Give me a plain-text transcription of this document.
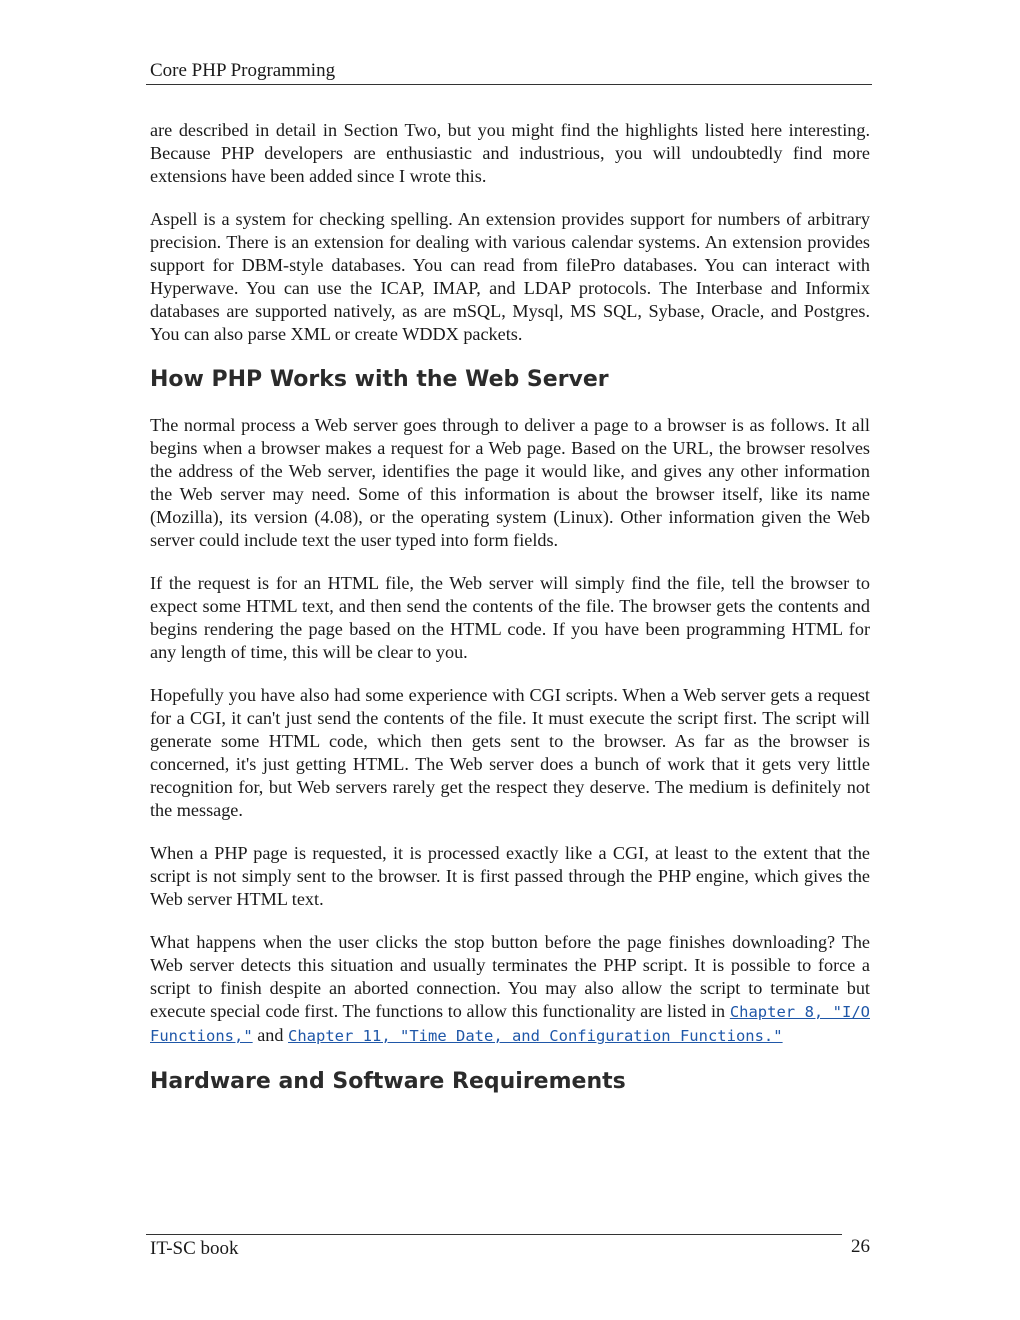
Core PHP Programming

are described in detail in Section Two, but you might find the highlights listed here interesting. Because PHP developers are enthusiastic and industrious, you will undoubtedly find more extensions have been added since I wrote this.

Aspell is a system for checking spelling. An extension provides support for numbers of arbitrary precision. There is an extension for dealing with various calendar systems. An extension provides support for DBM-style databases. You can read from filePro databases. You can interact with Hyperwave. You can use the ICAP, IMAP, and LDAP protocols. The Interbase and Informix databases are supported natively, as are mSQL, Mysql, MS SQL, Sybase, Oracle, and Postgres. You can also parse XML or create WDDX packets.

How PHP Works with the Web Server

The normal process a Web server goes through to deliver a page to a browser is as follows. It all begins when a browser makes a request for a Web page. Based on the URL, the browser resolves the address of the Web server, identifies the page it would like, and gives any other information the Web server may need. Some of this information is about the browser itself, like its name (Mozilla), its version (4.08), or the operating system (Linux). Other information given the Web server could include text the user typed into form fields.

If the request is for an HTML file, the Web server will simply find the file, tell the browser to expect some HTML text, and then send the contents of the file. The browser gets the contents and begins rendering the page based on the HTML code. If you have been programming HTML for any length of time, this will be clear to you.

Hopefully you have also had some experience with CGI scripts. When a Web server gets a request for a CGI, it can't just send the contents of the file. It must execute the script first. The script will generate some HTML code, which then gets sent to the browser. As far as the browser is concerned, it's just getting HTML. The Web server does a bunch of work that it gets very little recognition for, but Web servers rarely get the respect they deserve. The medium is definitely not the message.

When a PHP page is requested, it is processed exactly like a CGI, at least to the extent that the script is not simply sent to the browser. It is first passed through the PHP engine, which gives the Web server HTML text.

What happens when the user clicks the stop button before the page finishes downloading? The Web server detects this situation and usually terminates the PHP script. It is possible to force a script to finish despite an aborted connection. You may also allow the script to terminate but execute special code first. The functions to allow this functionality are listed in Chapter 8, "I/O Functions," and Chapter 11, "Time Date, and Configuration Functions."

Hardware and Software Requirements
IT-SC book	26
